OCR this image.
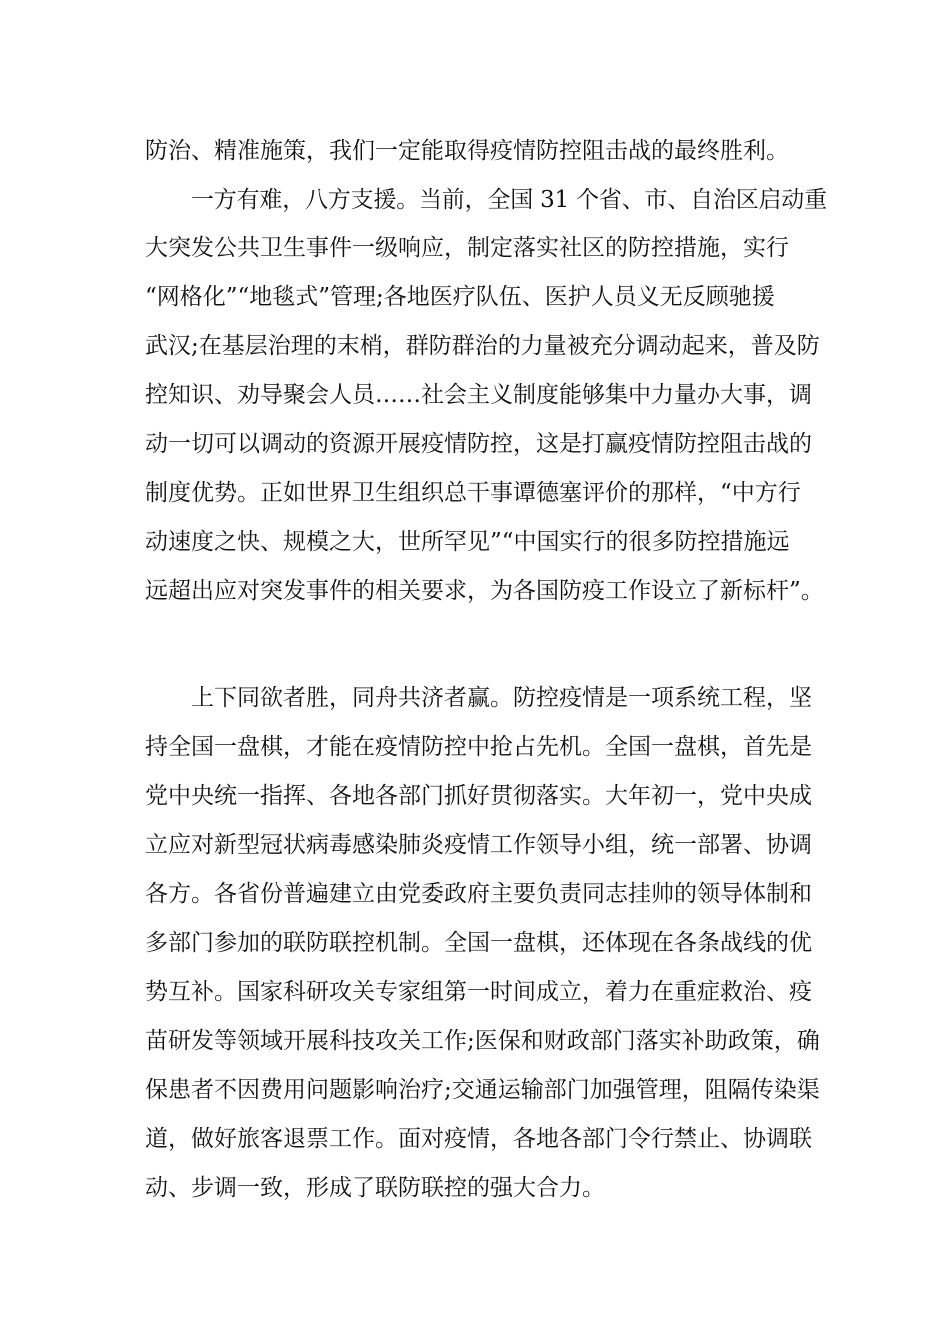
防治、精准施策，我们一定能取得疫情防控阻击战的最终胜利。
一方有难，八方支援。当前，全国 31 个省、市、自治区启动重
大突发公共卫生事件一级响应，制定落实社区的防控措施，实行
“网格化”“地毯式”管理;各地医疗队伍、医护人员义无反顾驰援
武汉;在基层治理的末梢，群防群治的力量被充分调动起来，普及防
控知识、劝导聚会人员……社会主义制度能够集中力量办大事，调
动一切可以调动的资源开展疫情防控，这是打赢疫情防控阻击战的
制度优势。正如世界卫生组织总干事谭德塞评价的那样，“中方行
动速度之快、规模之大，世所罕见”“中国实行的很多防控措施远
远超出应对突发事件的相关要求，为各国防疫工作设立了新标杆”。
上下同欲者胜，同舟共济者赢。防控疫情是一项系统工程，坚
持全国一盘棋，才能在疫情防控中抢占先机。全国一盘棋，首先是
党中央统一指挥、各地各部门抓好贯彻落实。大年初一，党中央成
立应对新型冠状病毒感染肺炎疫情工作领导小组，统一部署、协调
各方。各省份普遍建立由党委政府主要负责同志挂帅的领导体制和
多部门参加的联防联控机制。全国一盘棋，还体现在各条战线的优
势互补。国家科研攻关专家组第一时间成立，着力在重症救治、疫
苗研发等领域开展科技攻关工作;医保和财政部门落实补助政策，确
保患者不因费用问题影响治疗;交通运输部门加强管理，阻隔传染渠
道，做好旅客退票工作。面对疫情，各地各部门令行禁止、协调联
动、步调一致，形成了联防联控的强大合力。
